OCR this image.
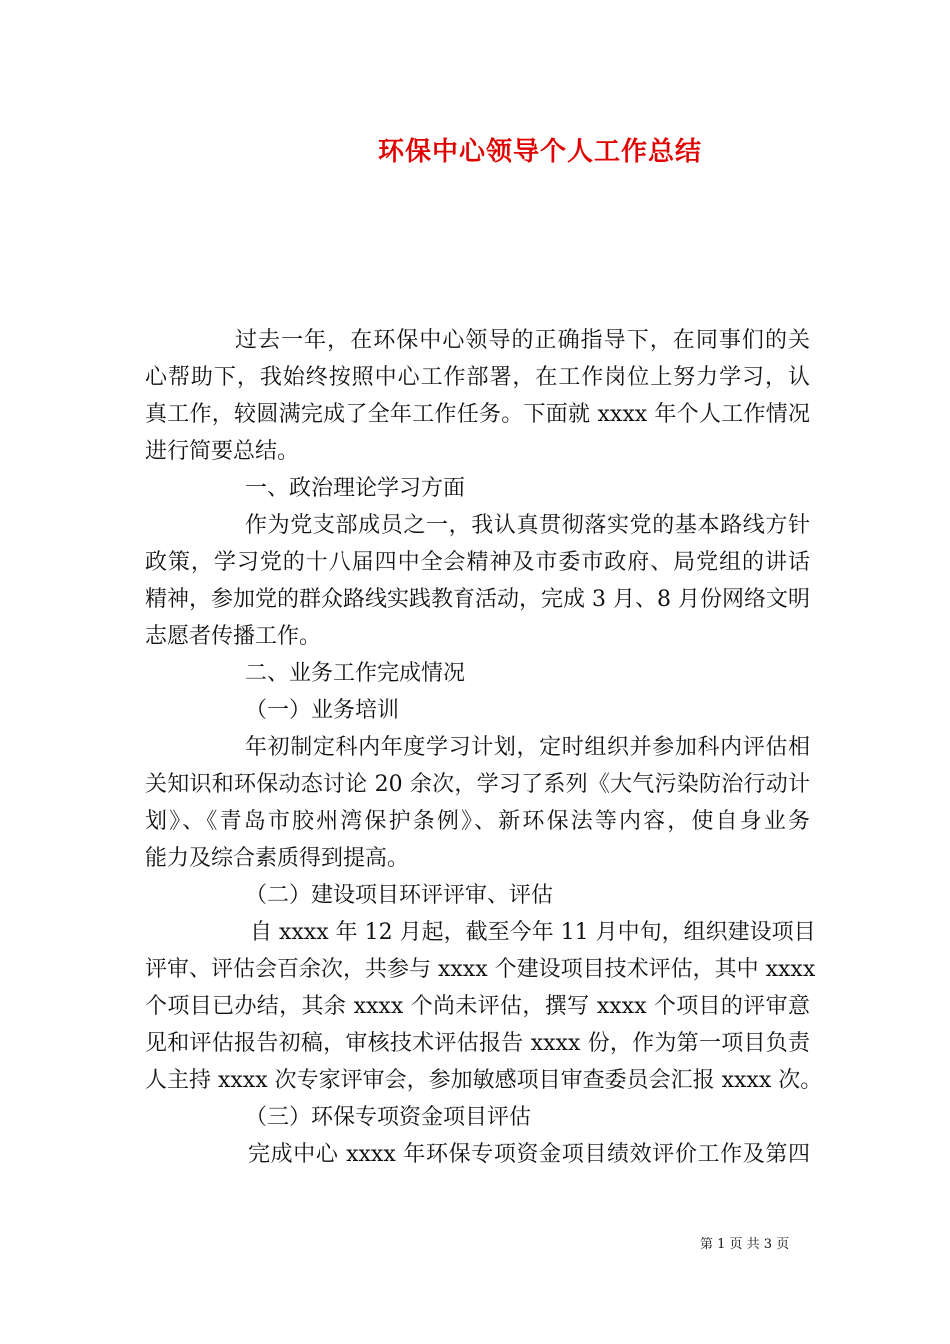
环保中心领导个人工作总结

过去一年，在环保中心领导的正确指导下，在同事们的关

心帮助下，我始终按照中心工作部署，在工作岗位上努力学习，认

真工作，较圆满完成了全年工作任务。下面就 xxxx 年个人工作情况

进行简要总结。

一、政治理论学习方面

作为党支部成员之一，我认真贯彻落实党的基本路线方针

政策，学习党的十八届四中全会精神及市委市政府、局党组的讲话

精神，参加党的群众路线实践教育活动，完成 3 月、8 月份网络文明

志愿者传播工作。

二、业务工作完成情况

（一）业务培训

年初制定科内年度学习计划，定时组织并参加科内评估相

关知识和环保动态讨论 20 余次，学习了系列《大气污染防治行动计

划》、《青岛市胶州湾保护条例》、新环保法等内容，使自身业务

能力及综合素质得到提高。

（二）建设项目环评评审、评估

自 xxxx 年 12 月起，截至今年 11 月中旬，组织建设项目

评审、评估会百余次，共参与 xxxx 个建设项目技术评估，其中 xxxx

个项目已办结，其余 xxxx 个尚未评估，撰写 xxxx 个项目的评审意

见和评估报告初稿，审核技术评估报告 xxxx 份，作为第一项目负责

人主持 xxxx 次专家评审会，参加敏感项目审查委员会汇报 xxxx 次。

（三）环保专项资金项目评估

完成中心 xxxx 年环保专项资金项目绩效评价工作及第四

第 1 页 共 3 页
